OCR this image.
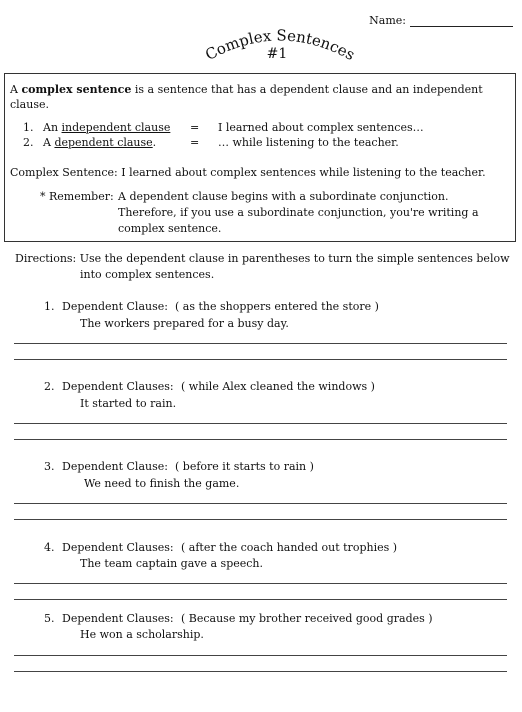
Name:
Complex Sentences
#1
A complex sentence is a sentence that has a dependent clause and an independent
clause.
1. An independent clause = I learned about complex sentences…
2. A dependent clause.	= … while listening to the teacher.
Complex Sentence: I learned about complex sentences while listening to the teacher.
* Remember: A dependent clause begins with a subordinate conjunction.
Therefore, if you use a subordinate conjunction, you're writing a
complex sentence.
Directions: Use the dependent clause in parentheses to turn the simple sentences below
into complex sentences.
1. Dependent Clause: ( as the shoppers entered the store )
The workers prepared for a busy day.
2. Dependent Clauses: ( while Alex cleaned the windows )
It started to rain.
3. Dependent Clause: ( before it starts to rain )
We need to finish the game.
4. Dependent Clauses: ( after the coach handed out trophies )
The team captain gave a speech.
5. Dependent Clauses: ( Because my brother received good grades )
He won a scholarship.
